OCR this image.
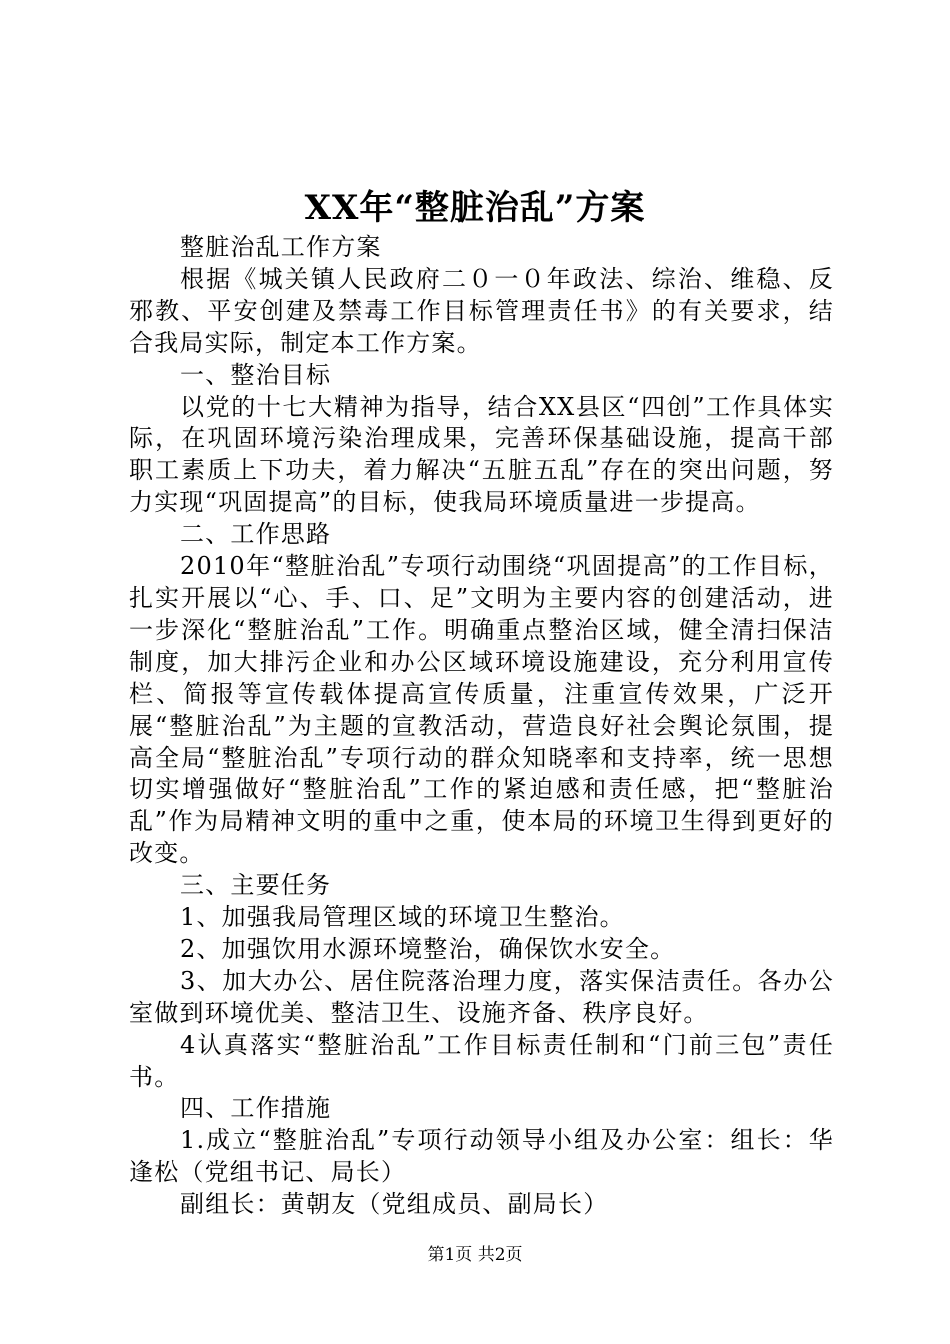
XX年“整脏治乱”方案

整脏治乱工作方案

根据《城关镇人民政府二０一０年政法、综治、维稳、反邪教、平安创建及禁毒工作目标管理责任书》的有关要求，结合我局实际，制定本工作方案。

一、整治目标

以党的十七大精神为指导，结合XX县区“四创”工作具体实际，在巩固环境污染治理成果，完善环保基础设施，提高干部职工素质上下功夫，着力解决“五脏五乱”存在的突出问题，努力实现“巩固提高”的目标，使我局环境质量进一步提高。

二、工作思路

2010年“整脏治乱”专项行动围绕“巩固提高”的工作目标，扎实开展以“心、手、口、足”文明为主要内容的创建活动，进一步深化“整脏治乱”工作。明确重点整治区域，健全清扫保洁制度，加大排污企业和办公区域环境设施建设，充分利用宣传栏、简报等宣传载体提高宣传质量，注重宣传效果，广泛开展“整脏治乱”为主题的宣教活动，营造良好社会舆论氛围，提高全局“整脏治乱”专项行动的群众知晓率和支持率，统一思想切实增强做好“整脏治乱”工作的紧迫感和责任感，把“整脏治乱”作为局精神文明的重中之重，使本局的环境卫生得到更好的改变。

三、主要任务

1、加强我局管理区域的环境卫生整治。

2、加强饮用水源环境整治，确保饮水安全。

3、加大办公、居住院落治理力度，落实保洁责任。各办公室做到环境优美、整洁卫生、设施齐备、秩序良好。

4认真落实“整脏治乱”工作目标责任制和“门前三包”责任书。

四、工作措施

1.成立“整脏治乱”专项行动领导小组及办公室：组长：华逢松（党组书记、局长）

副组长：黄朝友（党组成员、副局长）

第1页 共2页
